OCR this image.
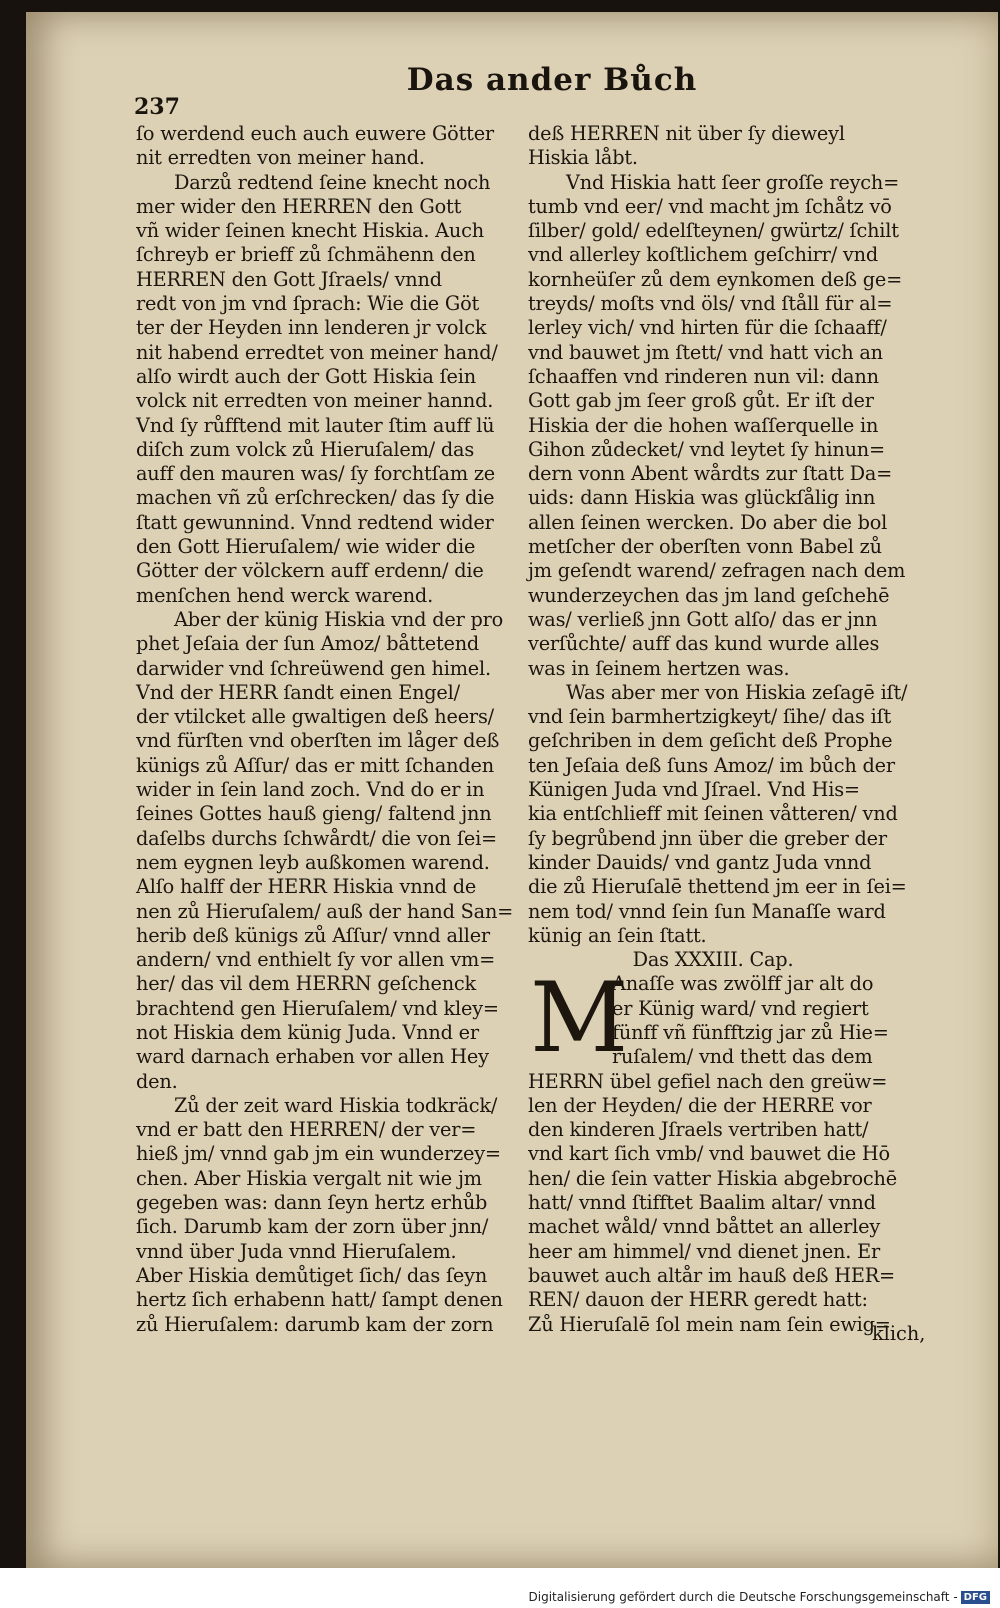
Das ander Bůch
237
ſo werdend euch auch euwere Götter
nit erredten von meiner hand.
Darzů redtend ſeine knecht noch
mer wider den HERREN den Gott
vñ wider ſeinen knecht Hiskia. Auch
ſchreyb er brieff zů ſchmähenn den
HERREN den Gott Jſraels/ vnnd
redt von jm vnd ſprach: Wie die Göt
ter der Heyden inn lenderen jr volck
nit habend erredtet von meiner hand/
alſo wirdt auch der Gott Hiskia ſein
volck nit erredten von meiner hannd.
Vnd ſy růfftend mit lauter ſtim auff lü
diſch zum volck zů Hieruſalem/ das
auff den mauren was/ ſy forchtſam ze
machen vñ zů erſchrecken/ das ſy die
ſtatt gewunnind. Vnnd redtend wider
den Gott Hieruſalem/ wie wider die
Götter der völckern auff erdenn/ die
menſchen hend werck warend.
Aber der künig Hiskia vnd der pro
phet Jeſaia der ſun Amoz/ båttetend
darwider vnd ſchreüwend gen himel.
Vnd der HERR ſandt einen Engel/
der vtilcket alle gwaltigen deß heers/
vnd fürſten vnd oberſten im låger deß
künigs zů Aſſur/ das er mitt ſchanden
wider in ſein land zoch. Vnd do er in
ſeines Gottes hauß gieng/ faltend jnn
daſelbs durchs ſchwårdt/ die von ſei=
nem eygnen leyb außkomen warend.
Alſo halff der HERR Hiskia vnnd de
nen zů Hieruſalem/ auß der hand San=
herib deß künigs zů Aſſur/ vnnd aller
andern/ vnd enthielt ſy vor allen vm=
her/ das vil dem HERRN geſchenck
brachtend gen Hieruſalem/ vnd kley=
not Hiskia dem künig Juda. Vnnd er
ward darnach erhaben vor allen Hey
den.
Zů der zeit ward Hiskia todkräck/
vnd er batt den HERREN/ der ver=
hieß jm/ vnnd gab jm ein wunderzey=
chen. Aber Hiskia vergalt nit wie jm
gegeben was: dann ſeyn hertz erhůb
ſich. Darumb kam der zorn über jnn/
vnnd über Juda vnnd Hieruſalem.
Aber Hiskia demůtiget ſich/ das ſeyn
hertz ſich erhabenn hatt/ ſampt denen
zů Hieruſalem: darumb kam der zorn
deß HERREN nit über ſy dieweyl
Hiskia låbt.
Vnd Hiskia hatt ſeer groſſe reych=
tumb vnd eer/ vnd macht jm ſchåtz vō
ſilber/ gold/ edelſteynen/ gwürtz/ ſchilt
vnd allerley koſtlichem geſchirr/ vnd
kornheüſer zů dem eynkomen deß ge=
treyds/ moſts vnd öls/ vnd ſtåll für al=
lerley vich/ vnd hirten für die ſchaaff/
vnd bauwet jm ſtett/ vnd hatt vich an
ſchaaffen vnd rinderen nun vil: dann
Gott gab jm ſeer groß gůt. Er iſt der
Hiskia der die hohen waſſerquelle in
Gihon zůdecket/ vnd leytet ſy hinun=
dern vonn Abent wårdts zur ſtatt Da=
uids: dann Hiskia was glückſålig inn
allen ſeinen wercken. Do aber die bol
metſcher der oberſten vonn Babel zů
jm geſendt warend/ zefragen nach dem
wunderzeychen das jm land geſchehē
was/ verließ jnn Gott alſo/ das er jnn
verſůchte/ auff das kund wurde alles
was in ſeinem hertzen was.
Was aber mer von Hiskia zeſagē iſt/
vnd ſein barmhertzigkeyt/ ſihe/ das iſt
geſchriben in dem geſicht deß Prophe
ten Jeſaia deß ſuns Amoz/ im bůch der
Künigen Juda vnd Jſrael. Vnd His=
kia entſchlieff mit ſeinen våtteren/ vnd
ſy begrůbend jnn über die greber der
kinder Dauids/ vnd gantz Juda vnnd
die zů Hieruſalē thettend jm eer in ſei=
nem tod/ vnnd ſein ſun Manaſſe ward
künig an ſein ſtatt.
Das XXXIII. Cap.
Anaſſe was zwölff jar alt do
er Künig ward/ vnd regiert
fünff vñ fünfftzig jar zů Hie=
ruſalem/ vnd thett das dem
HERRN übel gefiel nach den greüw=
len der Heyden/ die der HERRE vor
den kinderen Jſraels vertriben hatt/
vnd kart ſich vmb/ vnd bauwet die Hō
hen/ die ſein vatter Hiskia abgebrochē
hatt/ vnnd ſtifftet Baalim altar/ vnnd
machet wåld/ vnnd båttet an allerley
heer am himmel/ vnd dienet jnen. Er
bauwet auch altår im hauß deß HER=
REN/ dauon der HERR geredt hatt:
Zů Hieruſalē ſol mein nam ſein ewig=
M
klich,
Digitalisierung gefördert durch die Deutsche Forschungsgemeinschaft - DFG
